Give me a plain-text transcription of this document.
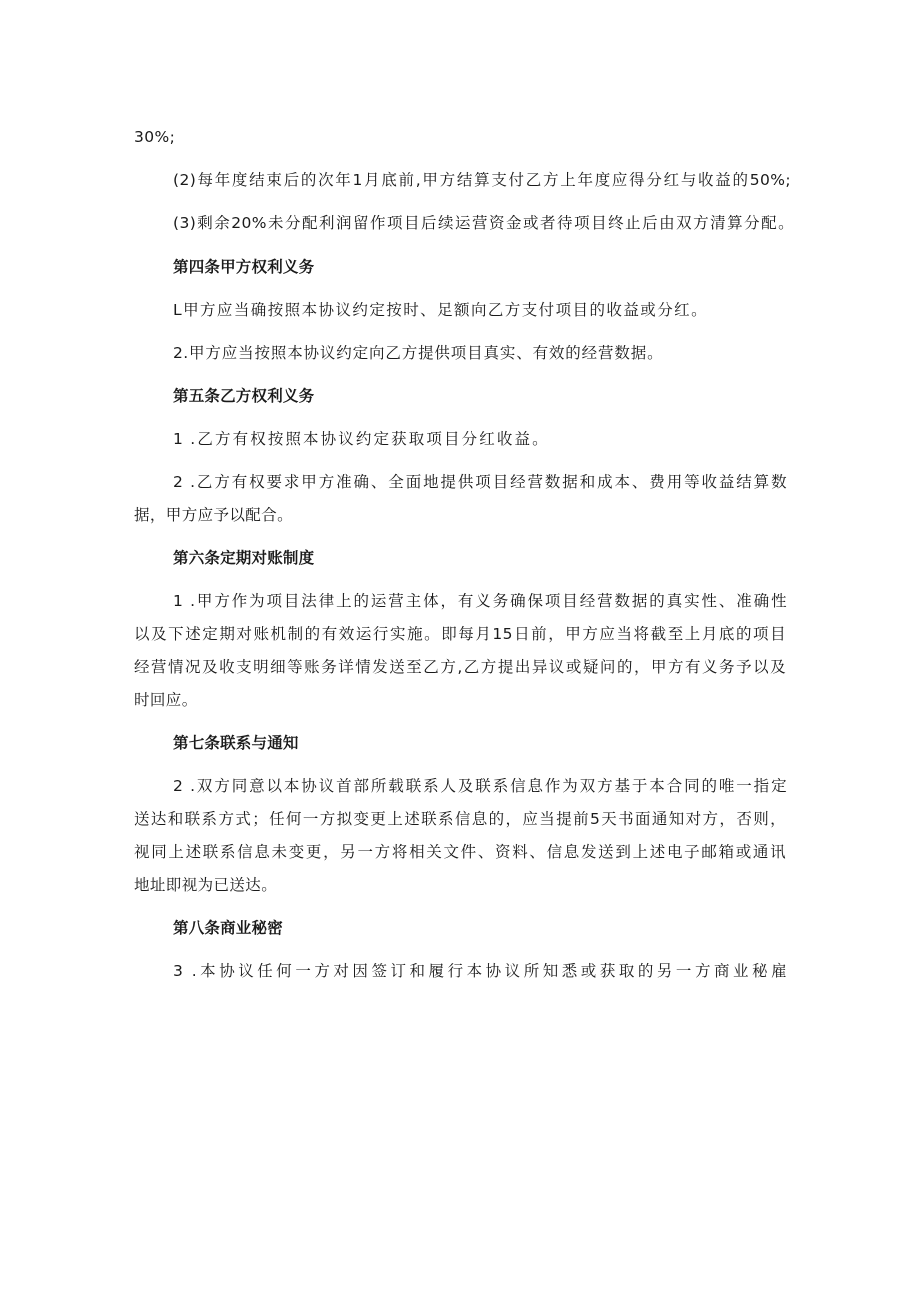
30%;
(2)每年度结束后的次年1月底前,甲方结算支付乙方上年度应得分红与收益的50%;
(3)剩余20%未分配利润留作项目后续运营资金或者待项目终止后由双方清算分配。
第四条甲方权利义务
L甲方应当确按照本协议约定按时、足额向乙方支付项目的收益或分红。
2.甲方应当按照本协议约定向乙方提供项目真实、有效的经营数据。
第五条乙方权利义务
1 .乙方有权按照本协议约定获取项目分红收益。
2 .乙方有权要求甲方准确、全面地提供项目经营数据和成本、费用等收益结算数
据，甲方应予以配合。
第六条定期对账制度
1 .甲方作为项目法律上的运营主体，有义务确保项目经营数据的真实性、准确性
以及下述定期对账机制的有效运行实施。即每月15日前，甲方应当将截至上月底的项目
经营情况及收支明细等账务详情发送至乙方,乙方提出异议或疑问的，甲方有义务予以及
时回应。
第七条联系与通知
2 .双方同意以本协议首部所载联系人及联系信息作为双方基于本合同的唯一指定
送达和联系方式；任何一方拟变更上述联系信息的，应当提前5天书面通知对方，否则，
视同上述联系信息未变更，另一方将相关文件、资料、信息发送到上述电子邮箱或通讯
地址即视为已送达。
第八条商业秘密
3 .本协议任何一方对因签订和履行本协议所知悉或获取的另一方商业秘雇
